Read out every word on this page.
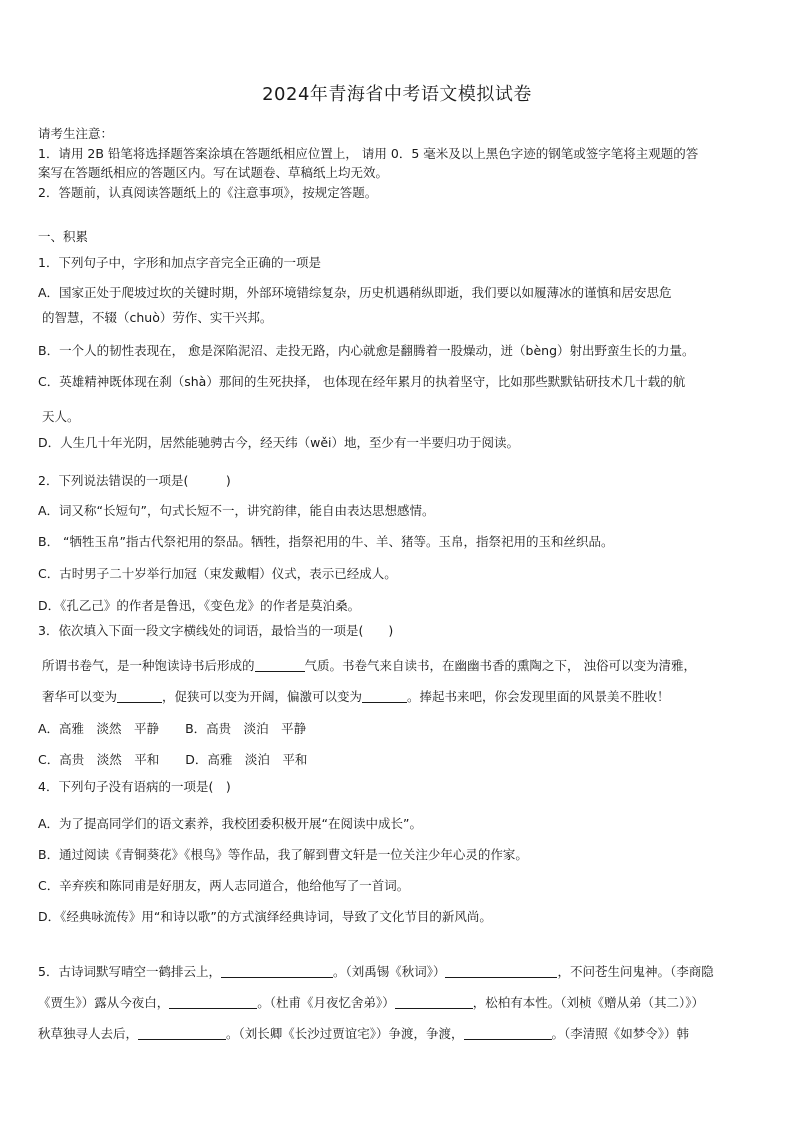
2024年青海省中考语文模拟试卷
请考生注意：
1．请用 2B 铅笔将选择题答案涂填在答题纸相应位置上， 请用 0．5 毫米及以上黑色字迹的钢笔或签字笔将主观题的答
案写在答题纸相应的答题区内。写在试题卷、草稿纸上均无效。
2．答题前，认真阅读答题纸上的《注意事项》，按规定答题。
一、积累
1．下列句子中，字形和加点字音完全正确的一项是
A．国家正处于爬坡过坎的关键时期，外部环境错综复杂，历史机遇稍纵即逝，我们要以如履薄冰的谨慎和居安思危
的智慧，不辍（chuò）劳作、实干兴邦。
B．一个人的韧性表现在， 愈是深陷泥沼、走投无路，内心就愈是翻腾着一股燥动，迸（bèng）射出野蛮生长的力量。
C．英雄精神既体现在刹（shà）那间的生死抉择， 也体现在经年累月的执着坚守，比如那些默默钻研技术几十载的航
天人。
D．人生几十年光阴，居然能驰骋古今，经天纬（wěi）地，至少有一半要归功于阅读。
2．下列说法错误的一项是(　　　)
A．词又称“长短句”，句式长短不一，讲究韵律，能自由表达思想感情。
B． “牺牲玉帛”指古代祭祀用的祭品。牺牲，指祭祀用的牛、羊、猪等。玉帛，指祭祀用的玉和丝织品。
C．古时男子二十岁举行加冠（束发戴帽）仪式，表示已经成人。
D．《孔乙己》的作者是鲁迅，《变色龙》的作者是莫泊桑。
3．依次填入下面一段文字横线处的词语，最恰当的一项是(　　)
所谓书卷气，是一种饱读诗书后形成的	气质。书卷气来自读书，在幽幽书香的熏陶之下， 浊俗可以变为清雅，
奢华可以变为	，促狭可以变为开阔，偏激可以变为	。捧起书来吧，你会发现里面的风景美不胜收！
A．高雅　淡然　平静 B．高贵　淡泊　平静
C．高贵　淡然　平和 D．高雅　淡泊　平和
4．下列句子没有语病的一项是(　)
A．为了提高同学们的语文素养，我校团委积极开展“在阅读中成长”。
B．通过阅读《青铜葵花》《根鸟》等作品，我了解到曹文轩是一位关注少年心灵的作家。
C．辛弃疾和陈同甫是好朋友，两人志同道合，他给他写了一首词。
D．《经典咏流传》用“和诗以歌”的方式演绎经典诗词，导致了文化节目的新风尚。
5．古诗词默写晴空一鹤排云上，	。（刘禹锡《秋词》）	，不问苍生问鬼神。（李商隐
《贾生》）露从今夜白，	。（杜甫《月夜忆舍弟》）	，松柏有本性。（刘桢《赠从弟（其二）》）
秋草独寻人去后，	。（刘长卿《长沙过贾谊宅》）争渡，争渡，	。（李清照《如梦令》）韩
